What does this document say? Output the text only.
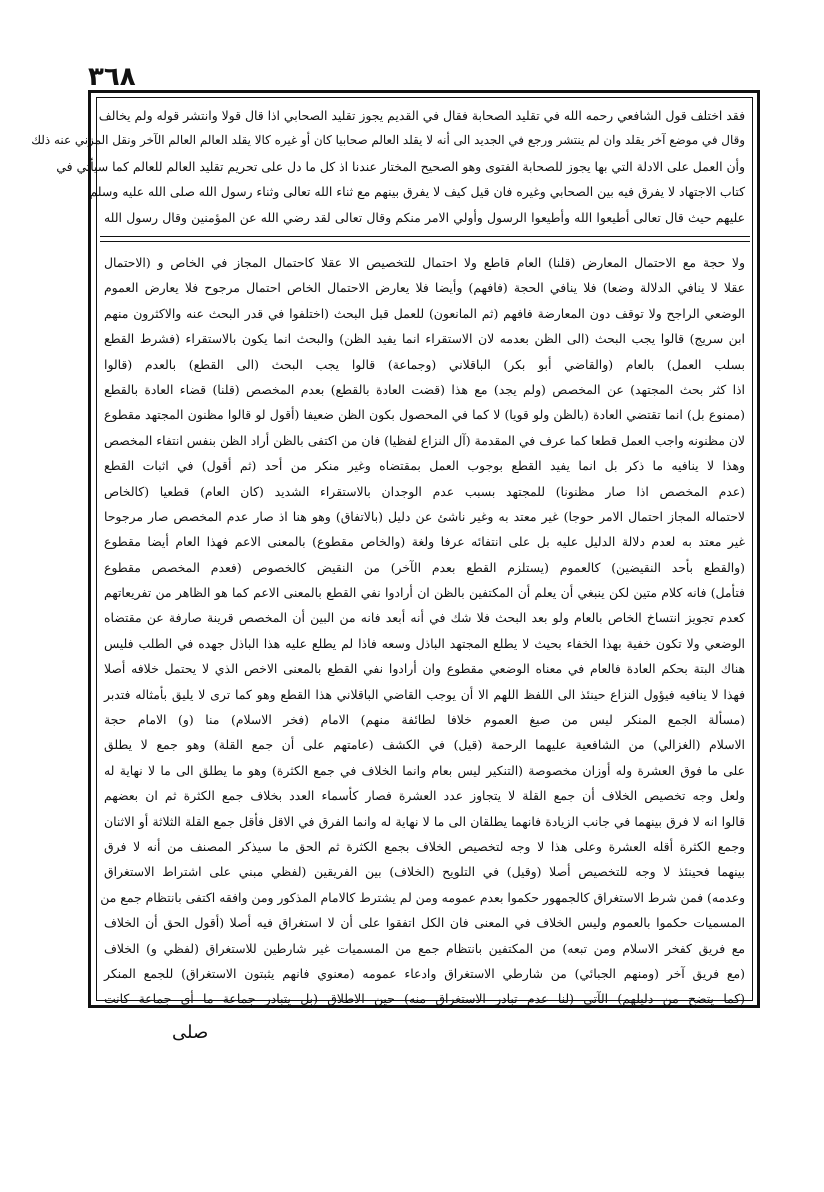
٣٦٨
فقد اختلف قول الشافعي رحمه الله في تقليد الصحابة فقال في القديم يجوز تقليد الصحابي اذا قال قولا وانتشر قوله ولم يخالف
وقال في موضع آخر يقلد وان لم ينتشر ورجع في الجديد الى أنه لا يقلد العالم صحابيا كان أو غيره كالا يقلد العالم العالم الآخر ونقل المزني عنه ذلك
وأن العمل على الادلة التي بها يجوز للصحابة الفتوى وهو الصحيح المختار عندنا اذ كل ما دل على تحريم تقليد العالم للعالم كما سيأتي في
كتاب الاجتهاد لا يفرق فيه بين الصحابي وغيره فان قيل كيف لا يفرق بينهم مع ثناء الله تعالى وثناء رسول الله صلى الله عليه وسلم
عليهم حيث قال تعالى أطيعوا الله وأطيعوا الرسول وأولي الامر منكم وقال تعالى لقد رضي الله عن المؤمنين وقال رسول الله
ولا حجة مع الاحتمال المعارض (قلنا) العام قاطع ولا احتمال للتخصيص الا عقلا كاحتمال المجاز في الخاص و (الاحتمال
عقلا لا ينافي الدلالة وضعا) فلا ينافي الحجة (فافهم) وأيضا فلا يعارض الاحتمال الخاص احتمال مرجوح فلا يعارض العموم
الوضعي الراجح ولا توقف دون المعارضة فافهم (ثم المانعون) للعمل قبل البحث (اختلفوا في قدر البحث عنه والاكثرون منهم
ابن سريج) قالوا يجب البحث (الى الظن بعدمه لان الاستقراء انما يفيد الظن) والبحث انما يكون بالاستقراء (فشرط القطع
بسلب العمل) بالعام (والقاضي أبو بكر) الباقلاني (وجماعة) قالوا يجب البحث (الى القطع) بالعدم (قالوا
اذا كثر بحث المجتهد) عن المخصص (ولم يجد) مع هذا (قضت العادة بالقطع) بعدم المخصص (قلنا) قضاء العادة بالقطع
(ممنوع بل) انما تقتضي العادة (بالظن ولو قويا) لا كما في المحصول بكون الظن ضعيفا (أقول لو قالوا مظنون المجتهد مقطوع
لان مظنونه واجب العمل قطعا كما عرف في المقدمة (آل النزاع لفظيا) فان من اكتفى بالظن أراد الظن بنفس انتفاء المخصص
وهذا لا ينافيه ما ذكر بل انما يفيد القطع بوجوب العمل بمقتضاه وغير منكر من أحد (ثم أقول) في اثبات القطع
(عدم المخصص اذا صار مظنونا) للمجتهد بسبب عدم الوجدان بالاستقراء الشديد (كان العام) قطعيا (كالخاص
لاحتماله المجاز احتمال الامر حوجا) غير معتد به وغير ناشئ عن دليل (بالاتفاق) وهو هنا اذ صار عدم المخصص صار مرجوحا
غير معتد به لعدم دلالة الدليل عليه بل على انتفائه عرفا ولغة (والخاص مقطوع) بالمعنى الاعم فهذا العام أيضا مقطوع
(والقطع بأحد النقيضين) كالعموم (يستلزم القطع بعدم الآخر) من النقيض كالخصوص (فعدم المخصص مقطوع
فتأمل) فانه كلام متين لكن ينبغي أن يعلم أن المكتفين بالظن ان أرادوا نفي القطع بالمعنى الاعم كما هو الظاهر من تفريعاتهم
كعدم تجويز انتساخ الخاص بالعام ولو بعد البحث فلا شك في أنه أبعد فانه من البين أن المخصص قرينة صارفة عن مقتضاه
الوضعي ولا تكون خفية بهذا الخفاء بحيث لا يطلع المجتهد الباذل وسعه فاذا لم يطلع عليه هذا الباذل جهده في الطلب فليس
هناك البتة بحكم العادة فالعام في معناه الوضعي مقطوع وان أرادوا نفي القطع بالمعنى الاخص الذي لا يحتمل خلافه أصلا
فهذا لا ينافيه فيؤول النزاع حينئذ الى اللفظ اللهم الا أن يوجب القاضي الباقلاني هذا القطع وهو كما ترى لا يليق بأمثاله فتدبر
(مسألة الجمع المنكر ليس من صيغ العموم خلافا لطائفة منهم) الامام (فخر الاسلام) منا (و) الامام حجة
الاسلام (الغزالي) من الشافعية عليهما الرحمة (قيل) في الكشف (عامتهم على أن جمع القلة) وهو جمع لا يطلق
على ما فوق العشرة وله أوزان مخصوصة (التنكير ليس بعام وانما الخلاف في جمع الكثرة) وهو ما يطلق الى ما لا نهاية له
ولعل وجه تخصيص الخلاف أن جمع القلة لا يتجاوز عدد العشرة فصار كأسماء العدد بخلاف جمع الكثرة ثم ان بعضهم
قالوا انه لا فرق بينهما في جانب الزيادة فانهما يطلقان الى ما لا نهاية له وانما الفرق في الاقل فأقل جمع القلة الثلاثة أو الاثنان
وجمع الكثرة أقله العشرة وعلى هذا لا وجه لتخصيص الخلاف بجمع الكثرة ثم الحق ما سيذكر المصنف من أنه لا فرق
بينهما فحينئذ لا وجه للتخصيص أصلا (وقيل) في التلويح (الخلاف) بين الفريقين (لفظي مبني على اشتراط الاستغراق
وعدمه) فمن شرط الاستغراق كالجمهور حكموا بعدم عمومه ومن لم يشترط كالامام المذكور ومن وافقه اكتفى بانتظام جمع من
المسميات حكموا بالعموم وليس الخلاف في المعنى فان الكل اتفقوا على أن لا استغراق فيه أصلا (أقول الحق أن الخلاف
مع فريق كفخر الاسلام ومن تبعه) من المكتفين بانتظام جمع من المسميات غير شارطين للاستغراق (لفظي و) الخلاف
(مع فريق آخر (ومنهم الجبائي) من شارطي الاستغراق وادعاء عمومه (معنوي فانهم يثبتون الاستغراق) للجمع المنكر
(كما يتضح من دليلهم) الآتي (لنا عدم تبادر الاستغراق منه) حين الاطلاق (بل يتبادر جماعة ما أي جماعة كانت
صلى
